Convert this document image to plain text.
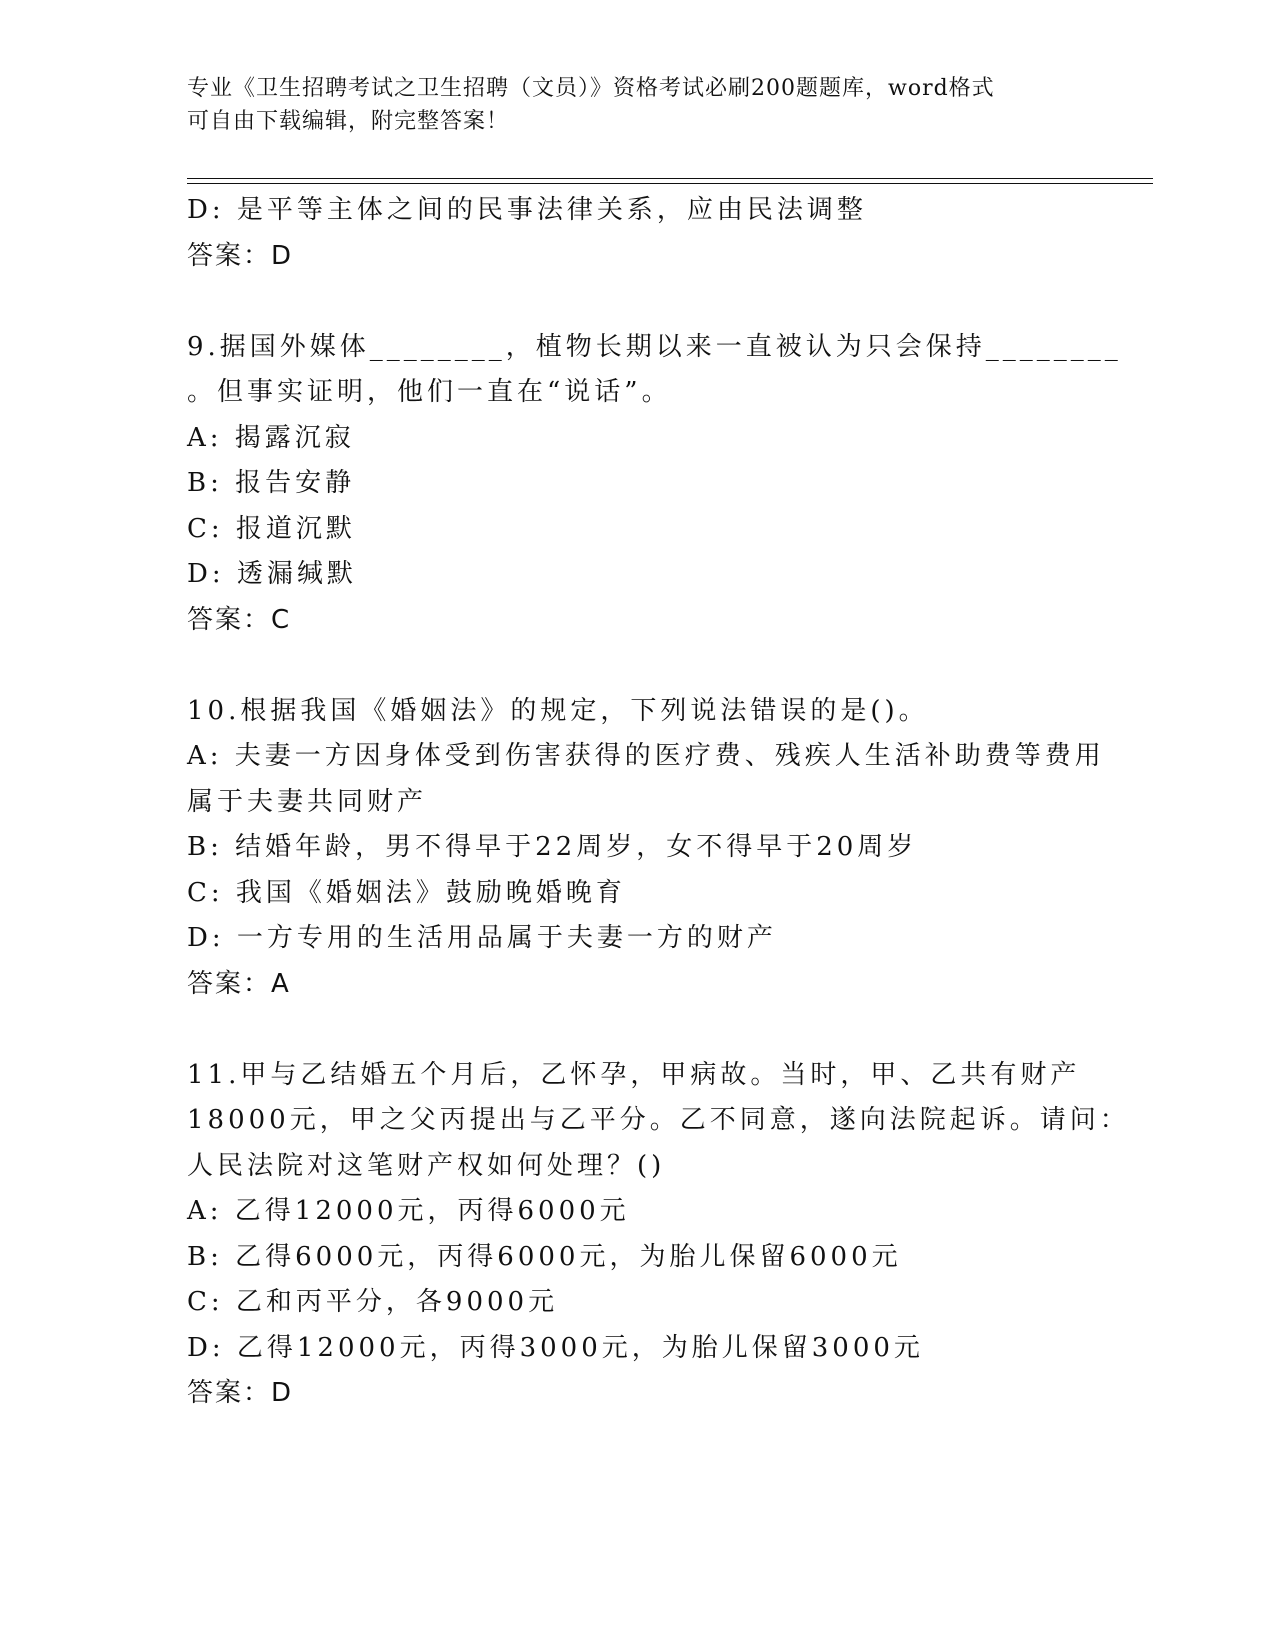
专业《卫生招聘考试之卫生招聘（文员）》资格考试必刷200题题库，word格式
可自由下载编辑，附完整答案！
D: 是平等主体之间的民事法律关系，应由民法调整
答案：D
9.据国外媒体________，植物长期以来一直被认为只会保持________
。但事实证明，他们一直在“说话”。
A: 揭露沉寂
B: 报告安静
C: 报道沉默
D: 透漏缄默
答案：C
10.根据我国《婚姻法》的规定，下列说法错误的是()。
A: 夫妻一方因身体受到伤害获得的医疗费、残疾人生活补助费等费用
属于夫妻共同财产
B: 结婚年龄，男不得早于22周岁，女不得早于20周岁
C: 我国《婚姻法》鼓励晚婚晚育
D: 一方专用的生活用品属于夫妻一方的财产
答案：A
11.甲与乙结婚五个月后，乙怀孕，甲病故。当时，甲、乙共有财产
18000元，甲之父丙提出与乙平分。乙不同意，遂向法院起诉。请问：
人民法院对这笔财产权如何处理？()
A: 乙得12000元，丙得6000元
B: 乙得6000元，丙得6000元，为胎儿保留6000元
C: 乙和丙平分，各9000元
D: 乙得12000元，丙得3000元，为胎儿保留3000元
答案：D
